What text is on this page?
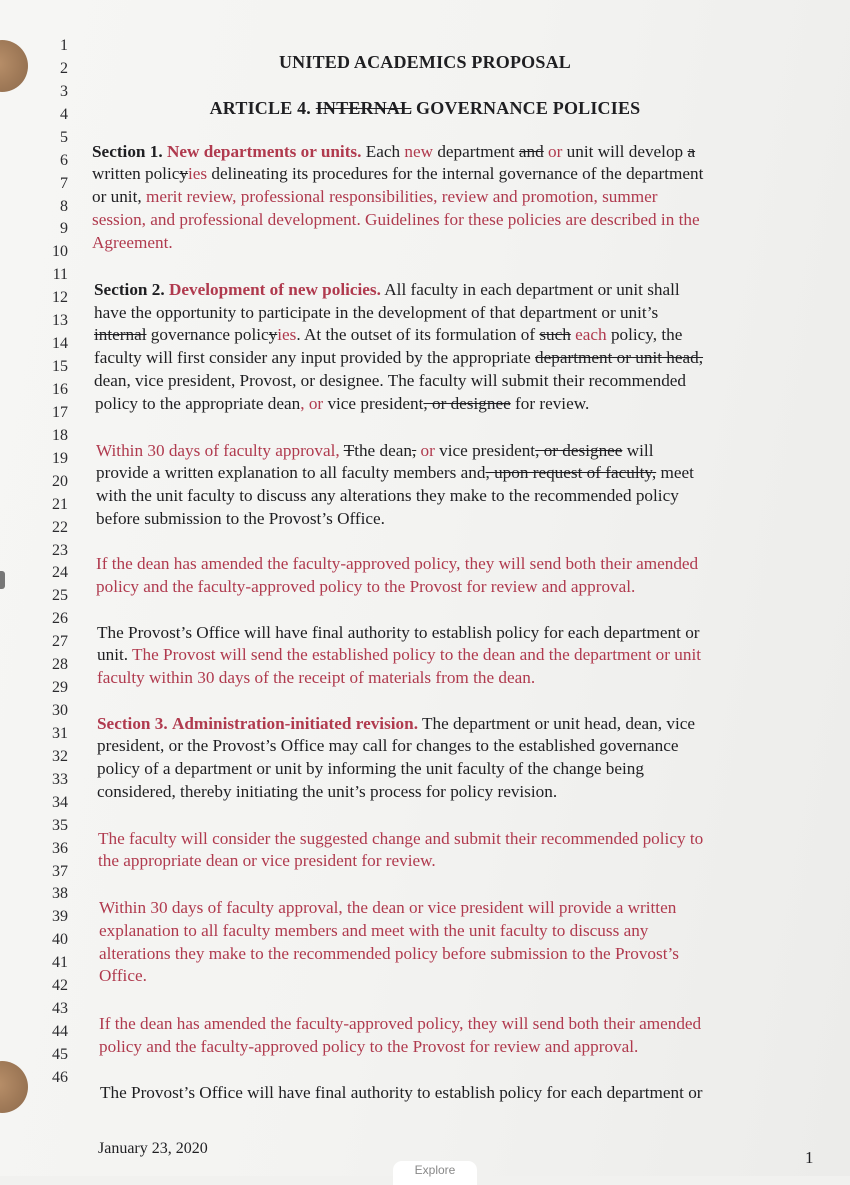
1
2
3
4
5
6
7
8
9
10
11
12
13
14
15
16
17
18
19
20
21
22
23
24
25
26
27
28
29
30
31
32
33
34
35
36
37
38
39
40
41
42
43
44
45
46
UNITED ACADEMICS PROPOSAL
ARTICLE 4. INTERNAL GOVERNANCE POLICIES
Section 1. New departments or units. Each new department and or unit will develop a
written policyies delineating its procedures for the internal governance of the department
or unit, merit review, professional responsibilities, review and promotion, summer
session, and professional development. Guidelines for these policies are described in the
Agreement.
Section 2. Development of new policies. All faculty in each department or unit shall
have the opportunity to participate in the development of that department or unit’s
internal governance policyies. At the outset of its formulation of such each policy, the
faculty will first consider any input provided by the appropriate department or unit head,
dean, vice president, Provost, or designee. The faculty will submit their recommended
policy to the appropriate dean, or vice president, or designee for review.
Within 30 days of faculty approval, Tthe dean, or vice president, or designee will
provide a written explanation to all faculty members and, upon request of faculty, meet
with the unit faculty to discuss any alterations they make to the recommended policy
before submission to the Provost’s Office.
If the dean has amended the faculty-approved policy, they will send both their amended
policy and the faculty-approved policy to the Provost for review and approval.
The Provost’s Office will have final authority to establish policy for each department or
unit. The Provost will send the established policy to the dean and the department or unit
faculty within 30 days of the receipt of materials from the dean.
Section 3. Administration-initiated revision. The department or unit head, dean, vice
president, or the Provost’s Office may call for changes to the established governance
policy of a department or unit by informing the unit faculty of the change being
considered, thereby initiating the unit’s process for policy revision.
The faculty will consider the suggested change and submit their recommended policy to
the appropriate dean or vice president for review.
Within 30 days of faculty approval, the dean or vice president will provide a written
explanation to all faculty members and meet with the unit faculty to discuss any
alterations they make to the recommended policy before submission to the Provost’s
Office.
If the dean has amended the faculty-approved policy, they will send both their amended
policy and the faculty-approved policy to the Provost for review and approval.
The Provost’s Office will have final authority to establish policy for each department or
January 23, 2020	1
Explore
